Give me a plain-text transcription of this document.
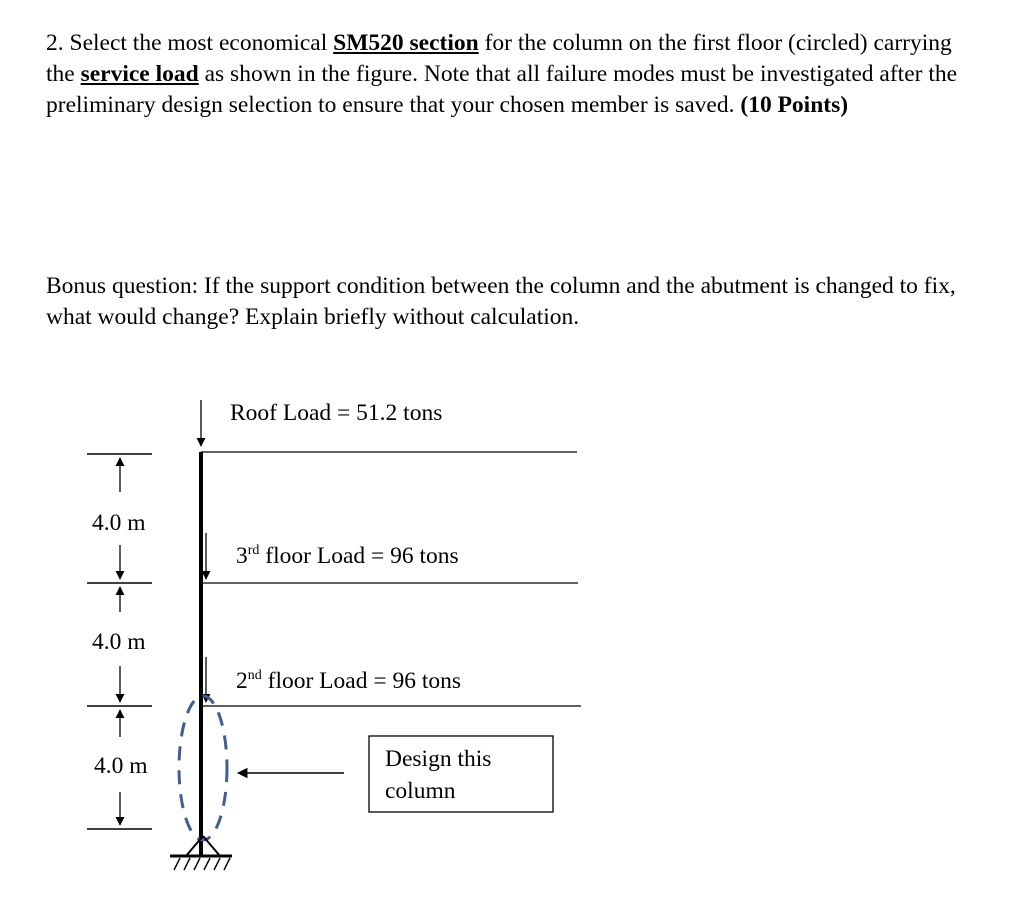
2. Select the most economical SM520 section for the column on the first floor (circled) carrying the service load as shown in the figure. Note that all failure modes must be investigated after the preliminary design selection to ensure that your chosen member is saved. (10 Points)
Bonus question: If the support condition between the column and the abutment is changed to fix, what would change? Explain briefly without calculation.
Roof Load = 51.2 tons
3rd floor Load = 96 tons
2nd floor Load = 96 tons
4.0 m
4.0 m
4.0 m	Design this
column
